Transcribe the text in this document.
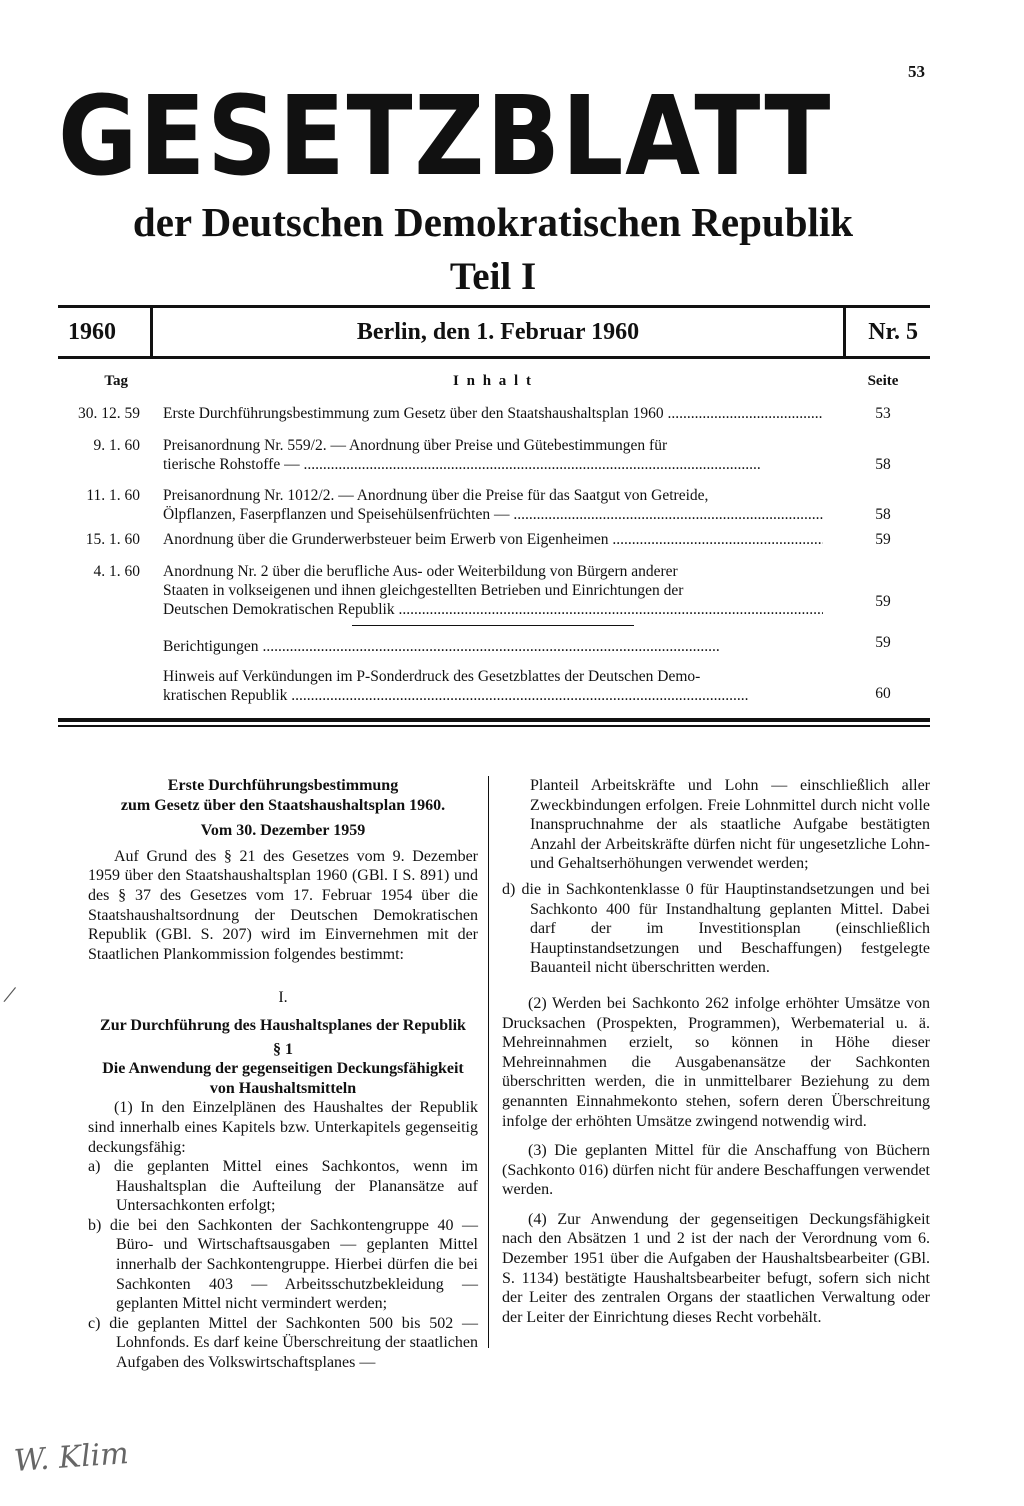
53
GESETZBLATT
der Deutschen Demokratischen Republik
Teil I
1960	Berlin, den 1. Februar 1960	Nr. 5
Tag	I n h a l t	Seite
30. 12. 59 Erste Durchführungsbestimmung zum Gesetz über den Staatshaushaltsplan 1960 .....	53
9. 1. 60 Preisanordnung Nr. 559/2. — Anordnung über Preise und Gütebestimmungen für
tierische Rohstoffe — .....	58
11. 1. 60 Preisanordnung Nr. 1012/2. — Anordnung über die Preise für das Saatgut von Getreide,
Ölpflanzen, Faserpflanzen und Speisehülsenfrüchten — .....	58
15. 1. 60 Anordnung über die Grunderwerbsteuer beim Erwerb von Eigenheimen .....	59
4. 1. 60 Anordnung Nr. 2 über die berufliche Aus- oder Weiterbildung von Bürgern anderer
Staaten in volkseigenen und ihnen gleichgestellten Betrieben und Einrichtungen der
Deutschen Demokratischen Republik .....	59
Berichtigungen .....	59
Hinweis auf Verkündungen im P-Sonderdruck des Gesetzblattes der Deutschen Demo-
kratischen Republik .....	60
Erste Durchführungsbestimmung
zum Gesetz über den Staatshaushaltsplan 1960.
Vom 30. Dezember 1959

Auf Grund des § 21 des Gesetzes vom 9. Dezember 1959 über den Staatshaushaltsplan 1960 (GBl. I S. 891) und des § 37 des Gesetzes vom 17. Februar 1954 über die Staatshaushaltsordnung der Deutschen Demokratischen Republik (GBl. S. 207) wird im Einvernehmen mit der Staatlichen Plankommission folgendes bestimmt:

I.
Zur Durchführung des Haushaltsplanes der Republik
§ 1
Die Anwendung der gegenseitigen Deckungsfähigkeit
von Haushaltsmitteln

(1) In den Einzelplänen des Haushaltes der Republik sind innerhalb eines Kapitels bzw. Unterkapitels gegenseitig deckungsfähig:

a) die geplanten Mittel eines Sachkontos, wenn im Haushaltsplan die Aufteilung der Planansätze auf Untersachkonten erfolgt;

b) die bei den Sachkonten der Sachkontengruppe 40 — Büro- und Wirtschaftsausgaben — geplanten Mittel innerhalb der Sachkontengruppe. Hierbei dürfen die bei Sachkonten 403 — Arbeitsschutzbekleidung — geplanten Mittel nicht vermindert werden;

c) die geplanten Mittel der Sachkonten 500 bis 502 — Lohnfonds. Es darf keine Überschreitung der staatlichen Aufgaben des Volkswirtschaftsplanes —

Planteil Arbeitskräfte und Lohn — einschließlich aller Zweckbindungen erfolgen. Freie Lohnmittel durch nicht volle Inanspruchnahme der als staatliche Aufgabe bestätigten Anzahl der Arbeitskräfte dürfen nicht für ungesetzliche Lohn- und Gehaltserhöhungen verwendet werden;

d) die in Sachkontenklasse 0 für Hauptinstandsetzungen und bei Sachkonto 400 für Instandhaltung geplanten Mittel. Dabei darf der im Investitionsplan (einschließlich Hauptinstandsetzungen und Beschaffungen) festgelegte Bauanteil nicht überschritten werden.

(2) Werden bei Sachkonto 262 infolge erhöhter Umsätze von Drucksachen (Prospekten, Programmen), Werbematerial u. ä. Mehreinnahmen erzielt, so können in Höhe dieser Mehreinnahmen die Ausgabenansätze der Sachkonten überschritten werden, die in unmittelbarer Beziehung zu dem genannten Einnahmekonto stehen, sofern deren Überschreitung infolge der erhöhten Umsätze zwingend notwendig wird.

(3) Die geplanten Mittel für die Anschaffung von Büchern (Sachkonto 016) dürfen nicht für andere Beschaffungen verwendet werden.

(4) Zur Anwendung der gegenseitigen Deckungsfähigkeit nach den Absätzen 1 und 2 ist der nach der Verordnung vom 6. Dezember 1951 über die Aufgaben der Haushaltsbearbeiter (GBl. S. 1134) bestätigte Haushaltsbearbeiter befugt, sofern sich nicht der Leiter des zentralen Organs der staatlichen Verwaltung oder der Leiter der Einrichtung dieses Recht vorbehält.

/
W. Klim
